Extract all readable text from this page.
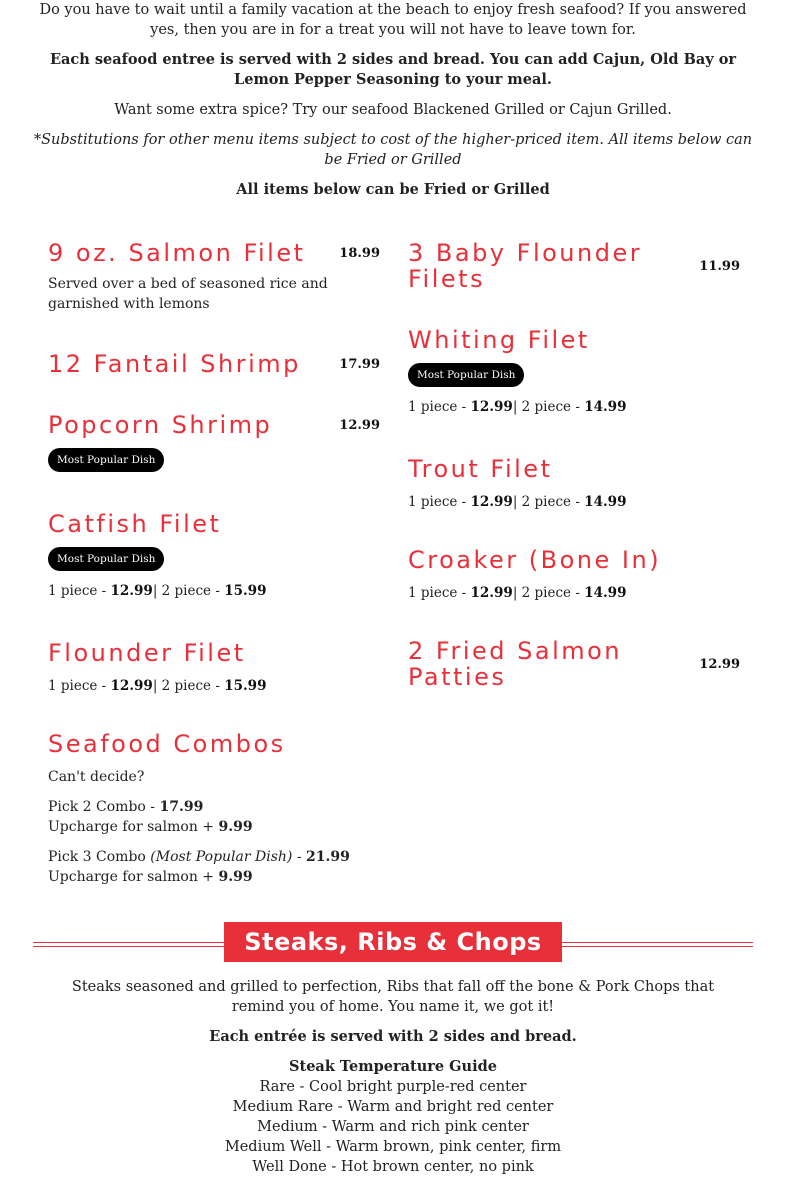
Do you have to wait until a family vacation at the beach to enjoy fresh seafood? If you answered yes, then you are in for a treat you will not have to leave town for.
Each seafood entree is served with 2 sides and bread. You can add Cajun, Old Bay or Lemon Pepper Seasoning to your meal.
Want some extra spice? Try our seafood Blackened Grilled or Cajun Grilled.
*Substitutions for other menu items subject to cost of the higher-priced item. All items below can be Fried or Grilled
All items below can be Fried or Grilled
9 oz. Salmon Filet	18.99
Served over a bed of seasoned rice and garnished with lemons
12 Fantail Shrimp	17.99
Popcorn Shrimp	12.99
Most Popular Dish
Catfish Filet
Most Popular Dish
1 piece - 12.99| 2 piece - 15.99
Flounder Filet
1 piece - 12.99| 2 piece - 15.99
Seafood Combos
Can't decide?
Pick 2 Combo - 17.99
Upcharge for salmon + 9.99
Pick 3 Combo (Most Popular Dish) - 21.99
Upcharge for salmon + 9.99
3 Baby Flounder Filets	11.99
Whiting Filet
Most Popular Dish
1 piece - 12.99| 2 piece - 14.99
Trout Filet
1 piece - 12.99| 2 piece - 14.99
Croaker (Bone In)
1 piece - 12.99| 2 piece - 14.99
2 Fried Salmon Patties	12.99
Steaks, Ribs & Chops
Steaks seasoned and grilled to perfection, Ribs that fall off the bone & Pork Chops that remind you of home. You name it, we got it!
Each entrée is served with 2 sides and bread.
Steak Temperature Guide
Rare - Cool bright purple-red center
Medium Rare - Warm and bright red center
Medium - Warm and rich pink center
Medium Well - Warm brown, pink center, firm
Well Done - Hot brown center, no pink
